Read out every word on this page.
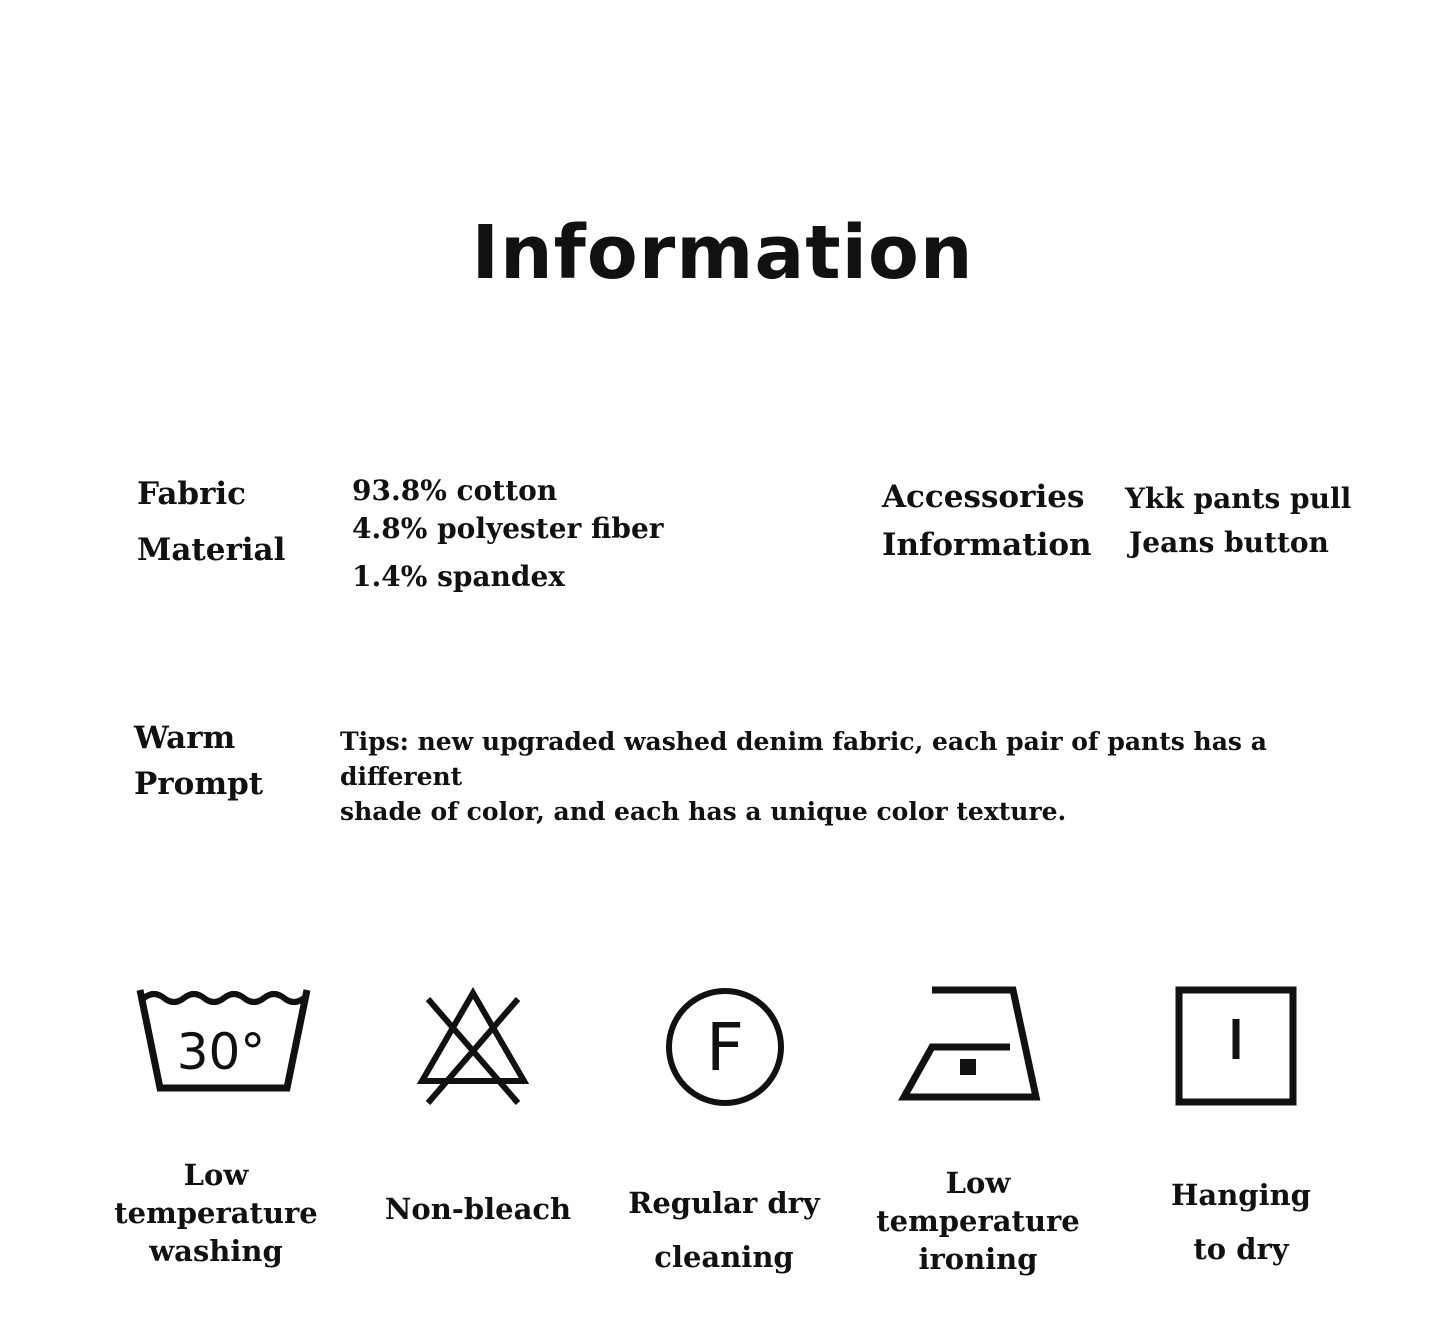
Information
Fabric
Material
93.8% cotton
4.8% polyester fiber
1.4% spandex
Accessories
Information
Ykk pants pull
Jeans button
Warm
Prompt
Tips: new upgraded washed denim fabric, each pair of pants has a different
shade of color, and each has a unique color texture.
30°	F
Low
temperature
washing
Non-bleach	Regular dry
cleaning
Low
temperature
ironing
Hanging
to dry
